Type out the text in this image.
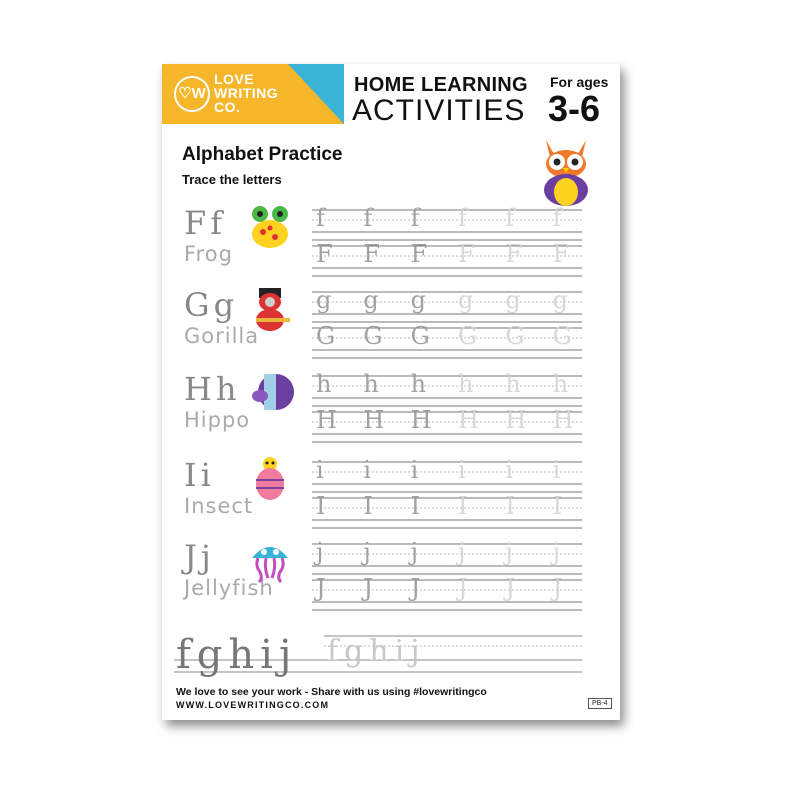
♡W
LOVE
WRITING
CO.
HOME LEARNING
ACTIVITIES
For ages
3-6
Alphabet Practice
Trace the letters
Ff
Frog
f	f	f	f	f	f
F	F	F	F	F	F
Gg
Gorilla
g	g	g	g	g	g
G	G	G	G	G	G
Hh
Hippo
h	h	h	h	h	h
H	H	H	H	H	H
Ii
Insect
i	i	i	i	i	i
I	I	I	I	I	I
Jj
Jellyfish
j	j	j	j	j	j
J	J	J	J	J	J
fghij fghij
We love to see your work - Share with us using #lovewritingco
WWW.LOVEWRITINGCO.COM	PB-4
